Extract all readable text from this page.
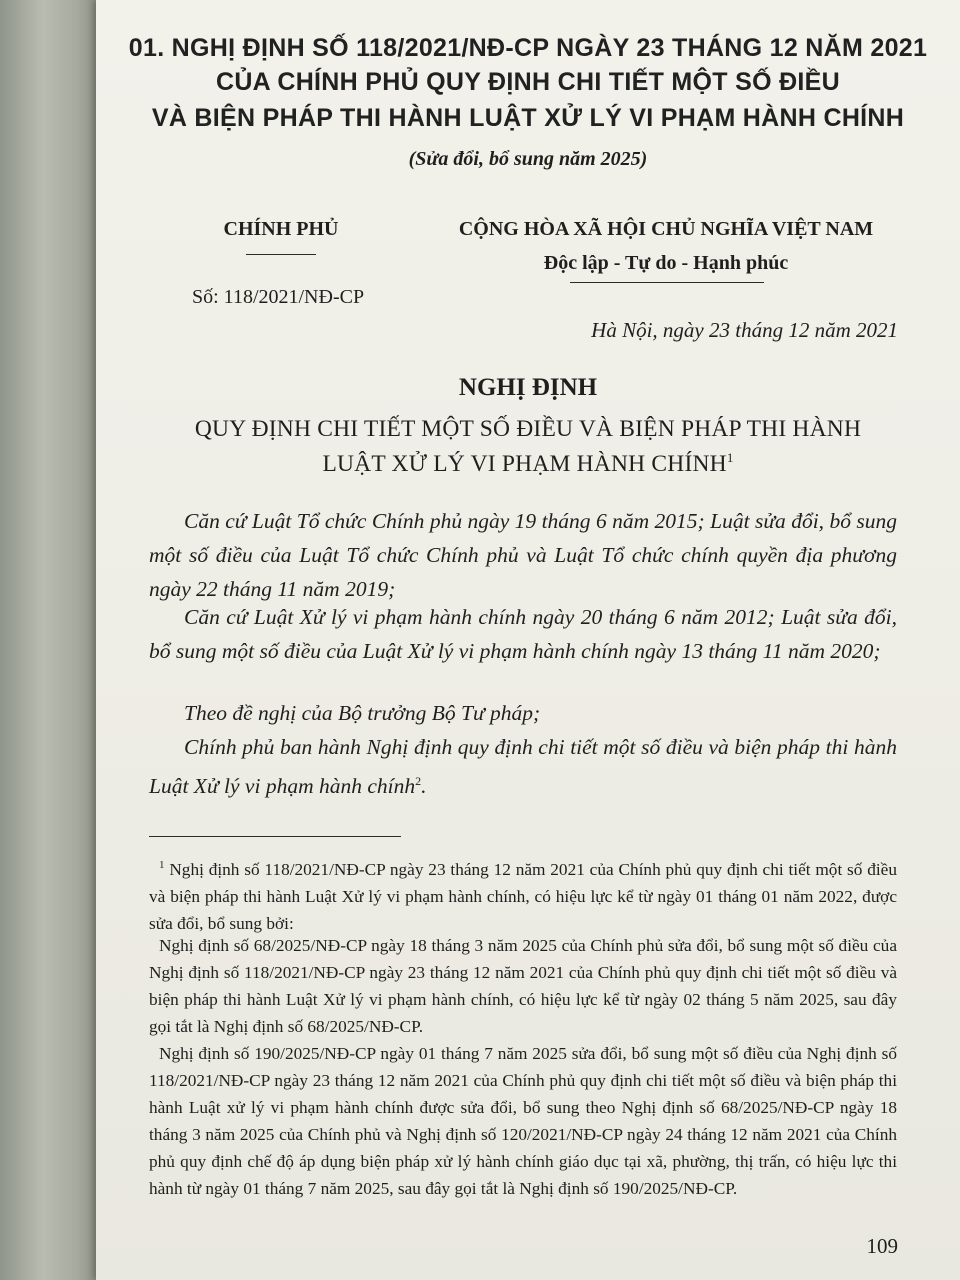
01. NGHỊ ĐỊNH SỐ 118/2021/NĐ-CP NGÀY 23 THÁNG 12 NĂM 2021
CỦA CHÍNH PHỦ QUY ĐỊNH CHI TIẾT MỘT SỐ ĐIỀU
VÀ BIỆN PHÁP THI HÀNH LUẬT XỬ LÝ VI PHẠM HÀNH CHÍNH
(Sửa đổi, bổ sung năm 2025)
CHÍNH PHỦ
Số: 118/2021/NĐ-CP
CỘNG HÒA XÃ HỘI CHỦ NGHĨA VIỆT NAM
Độc lập - Tự do - Hạnh phúc
Hà Nội, ngày 23 tháng 12 năm 2021
NGHỊ ĐỊNH
QUY ĐỊNH CHI TIẾT MỘT SỐ ĐIỀU VÀ BIỆN PHÁP THI HÀNH
LUẬT XỬ LÝ VI PHẠM HÀNH CHÍNH$^1$
Căn cứ Luật Tổ chức Chính phủ ngày 19 tháng 6 năm 2015; Luật sửa đổi, bổ sung một số điều của Luật Tổ chức Chính phủ và Luật Tổ chức chính quyền địa phương ngày 22 tháng 11 năm 2019;
Căn cứ Luật Xử lý vi phạm hành chính ngày 20 tháng 6 năm 2012; Luật sửa đổi, bổ sung một số điều của Luật Xử lý vi phạm hành chính ngày 13 tháng 11 năm 2020;
Theo đề nghị của Bộ trưởng Bộ Tư pháp;
Chính phủ ban hành Nghị định quy định chi tiết một số điều và biện pháp thi hành Luật Xử lý vi phạm hành chính$^2$.
$^1$ Nghị định số 118/2021/NĐ-CP ngày 23 tháng 12 năm 2021 của Chính phủ quy định chi tiết một số điều và biện pháp thi hành Luật Xử lý vi phạm hành chính, có hiệu lực kể từ ngày 01 tháng 01 năm 2022, được sửa đổi, bổ sung bởi:
Nghị định số 68/2025/NĐ-CP ngày 18 tháng 3 năm 2025 của Chính phủ sửa đổi, bổ sung một số điều của Nghị định số 118/2021/NĐ-CP ngày 23 tháng 12 năm 2021 của Chính phủ quy định chi tiết một số điều và biện pháp thi hành Luật Xử lý vi phạm hành chính, có hiệu lực kể từ ngày 02 tháng 5 năm 2025, sau đây gọi tắt là Nghị định số 68/2025/NĐ-CP.
Nghị định số 190/2025/NĐ-CP ngày 01 tháng 7 năm 2025 sửa đổi, bổ sung một số điều của Nghị định số 118/2021/NĐ-CP ngày 23 tháng 12 năm 2021 của Chính phủ quy định chi tiết một số điều và biện pháp thi hành Luật xử lý vi phạm hành chính được sửa đổi, bổ sung theo Nghị định số 68/2025/NĐ-CP ngày 18 tháng 3 năm 2025 của Chính phủ và Nghị định số 120/2021/NĐ-CP ngày 24 tháng 12 năm 2021 của Chính phủ quy định chế độ áp dụng biện pháp xử lý hành chính giáo dục tại xã, phường, thị trấn, có hiệu lực thi hành từ ngày 01 tháng 7 năm 2025, sau đây gọi tắt là Nghị định số 190/2025/NĐ-CP.
109
